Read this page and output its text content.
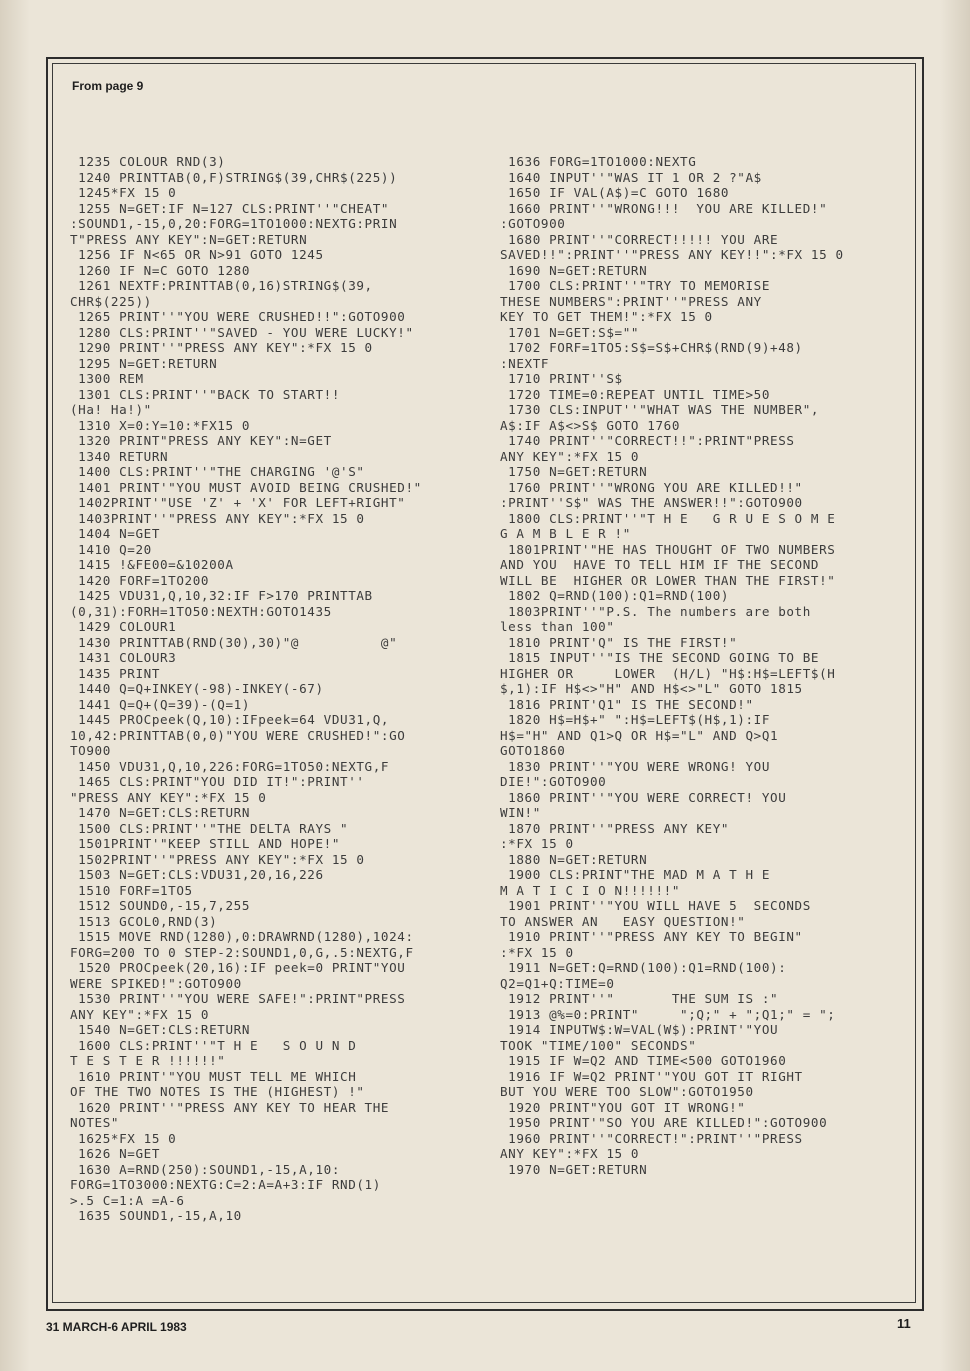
From page 9

1235 COLOUR RND(3)
1240 PRINTTAB(0,F)STRING$(39,CHR$(225))
1245*FX 15 0
1255 N=GET:IF N=127 CLS:PRINT''"CHEAT"
:SOUND1,-15,0,20:FORG=1TO1000:NEXTG:PRIN
T"PRESS ANY KEY":N=GET:RETURN
1256 IF N<65 OR N>91 GOTO 1245
1260 IF N=C GOTO 1280
1261 NEXTF:PRINTTAB(0,16)STRING$(39,
CHR$(225))
1265 PRINT''"YOU WERE CRUSHED!!":GOTO900
1280 CLS:PRINT''"SAVED - YOU WERE LUCKY!"
1290 PRINT''"PRESS ANY KEY":*FX 15 0
1295 N=GET:RETURN
1300 REM
1301 CLS:PRINT''"BACK TO START!!
(Ha! Ha!)"
1310 X=0:Y=10:*FX15 0
1320 PRINT"PRESS ANY KEY":N=GET
1340 RETURN
1400 CLS:PRINT''"THE CHARGING '@'S"
1401 PRINT'"YOU MUST AVOID BEING CRUSHED!"
1402PRINT'"USE 'Z' + 'X' FOR LEFT+RIGHT"
1403PRINT''"PRESS ANY KEY":*FX 15 0
1404 N=GET
1410 Q=20
1415 !&FE00=&10200A
1420 FORF=1TO200
1425 VDU31,Q,10,32:IF F>170 PRINTTAB
(0,31):FORH=1TO50:NEXTH:GOTO1435
1429 COLOUR1
1430 PRINTTAB(RND(30),30)"@          @"
1431 COLOUR3
1435 PRINT
1440 Q=Q+INKEY(-98)-INKEY(-67)
1441 Q=Q+(Q=39)-(Q=1)
1445 PROCpeek(Q,10):IFpeek=64 VDU31,Q,
10,42:PRINTTAB(0,0)"YOU WERE CRUSHED!":GO
TO900
1450 VDU31,Q,10,226:FORG=1TO50:NEXTG,F
1465 CLS:PRINT"YOU DID IT!":PRINT''
"PRESS ANY KEY":*FX 15 0
1470 N=GET:CLS:RETURN
1500 CLS:PRINT''"THE DELTA RAYS "
1501PRINT'"KEEP STILL AND HOPE!"
1502PRINT''"PRESS ANY KEY":*FX 15 0
1503 N=GET:CLS:VDU31,20,16,226
1510 FORF=1TO5
1512 SOUND0,-15,7,255
1513 GCOL0,RND(3)
1515 MOVE RND(1280),0:DRAWRND(1280),1024:
FORG=200 TO 0 STEP-2:SOUND1,0,G,.5:NEXTG,F
1520 PROCpeek(20,16):IF peek=0 PRINT"YOU
WERE SPIKED!":GOTO900
1530 PRINT''"YOU WERE SAFE!":PRINT"PRESS
ANY KEY":*FX 15 0
1540 N=GET:CLS:RETURN
1600 CLS:PRINT''"T H E   S O U N D
T E S T E R !!!!!!"
1610 PRINT'"YOU MUST TELL ME WHICH
OF THE TWO NOTES IS THE (HIGHEST) !"
1620 PRINT''"PRESS ANY KEY TO HEAR THE
NOTES"
1625*FX 15 0
1626 N=GET
1630 A=RND(250):SOUND1,-15,A,10:
FORG=1TO3000:NEXTG:C=2:A=A+3:IF RND(1)
>.5 C=1:A =A-6
1635 SOUND1,-15,A,10
1636 FORG=1TO1000:NEXTG
1640 INPUT''"WAS IT 1 OR 2 ?"A$
1650 IF VAL(A$)=C GOTO 1680
1660 PRINT''"WRONG!!!  YOU ARE KILLED!"
:GOTO900
1680 PRINT''"CORRECT!!!!! YOU ARE
SAVED!!":PRINT''"PRESS ANY KEY!!":*FX 15 0
1690 N=GET:RETURN
1700 CLS:PRINT''"TRY TO MEMORISE
THESE NUMBERS":PRINT''"PRESS ANY
KEY TO GET THEM!":*FX 15 0
1701 N=GET:S$=""
1702 FORF=1TO5:S$=S$+CHR$(RND(9)+48)
:NEXTF
1710 PRINT''S$
1720 TIME=0:REPEAT UNTIL TIME>50
1730 CLS:INPUT''"WHAT WAS THE NUMBER",
A$:IF A$<>S$ GOTO 1760
1740 PRINT''"CORRECT!!":PRINT"PRESS
ANY KEY":*FX 15 0
1750 N=GET:RETURN
1760 PRINT''"WRONG YOU ARE KILLED!!"
:PRINT''S$" WAS THE ANSWER!!":GOTO900
1800 CLS:PRINT''"T H E   G R U E S O M E
G A M B L E R !"
1801PRINT'"HE HAS THOUGHT OF TWO NUMBERS
AND YOU  HAVE TO TELL HIM IF THE SECOND
WILL BE  HIGHER OR LOWER THAN THE FIRST!"
1802 Q=RND(100):Q1=RND(100)
1803PRINT''"P.S. The numbers are both
less than 100"
1810 PRINT'Q" IS THE FIRST!"
1815 INPUT''"IS THE SECOND GOING TO BE
HIGHER OR     LOWER  (H/L) "H$:H$=LEFT$(H
$,1):IF H$<>"H" AND H$<>"L" GOTO 1815
1816 PRINT'Q1" IS THE SECOND!"
1820 H$=H$+" ":H$=LEFT$(H$,1):IF
H$="H" AND Q1>Q OR H$="L" AND Q>Q1
GOTO1860
1830 PRINT''"YOU WERE WRONG! YOU
DIE!":GOTO900
1860 PRINT''"YOU WERE CORRECT! YOU
WIN!"
1870 PRINT''"PRESS ANY KEY"
:*FX 15 0
1880 N=GET:RETURN
1900 CLS:PRINT"THE MAD M A T H E
M A T I C I O N!!!!!!"
1901 PRINT''"YOU WILL HAVE 5  SECONDS
TO ANSWER AN   EASY QUESTION!"
1910 PRINT''"PRESS ANY KEY TO BEGIN"
:*FX 15 0
1911 N=GET:Q=RND(100):Q1=RND(100):
Q2=Q1+Q:TIME=0
1912 PRINT''"       THE SUM IS :"
1913 @%=0:PRINT"     ";Q;" + ";Q1;" = ";
1914 INPUTW$:W=VAL(W$):PRINT'"YOU
TOOK "TIME/100" SECONDS"
1915 IF W=Q2 AND TIME<500 GOTO1960
1916 IF W=Q2 PRINT'"YOU GOT IT RIGHT
BUT YOU WERE TOO SLOW":GOTO1950
1920 PRINT"YOU GOT IT WRONG!"
1950 PRINT'"SO YOU ARE KILLED!":GOTO900
1960 PRINT''"CORRECT!":PRINT''"PRESS
ANY KEY":*FX 15 0
1970 N=GET:RETURN

31 MARCH-6 APRIL 1983	11
